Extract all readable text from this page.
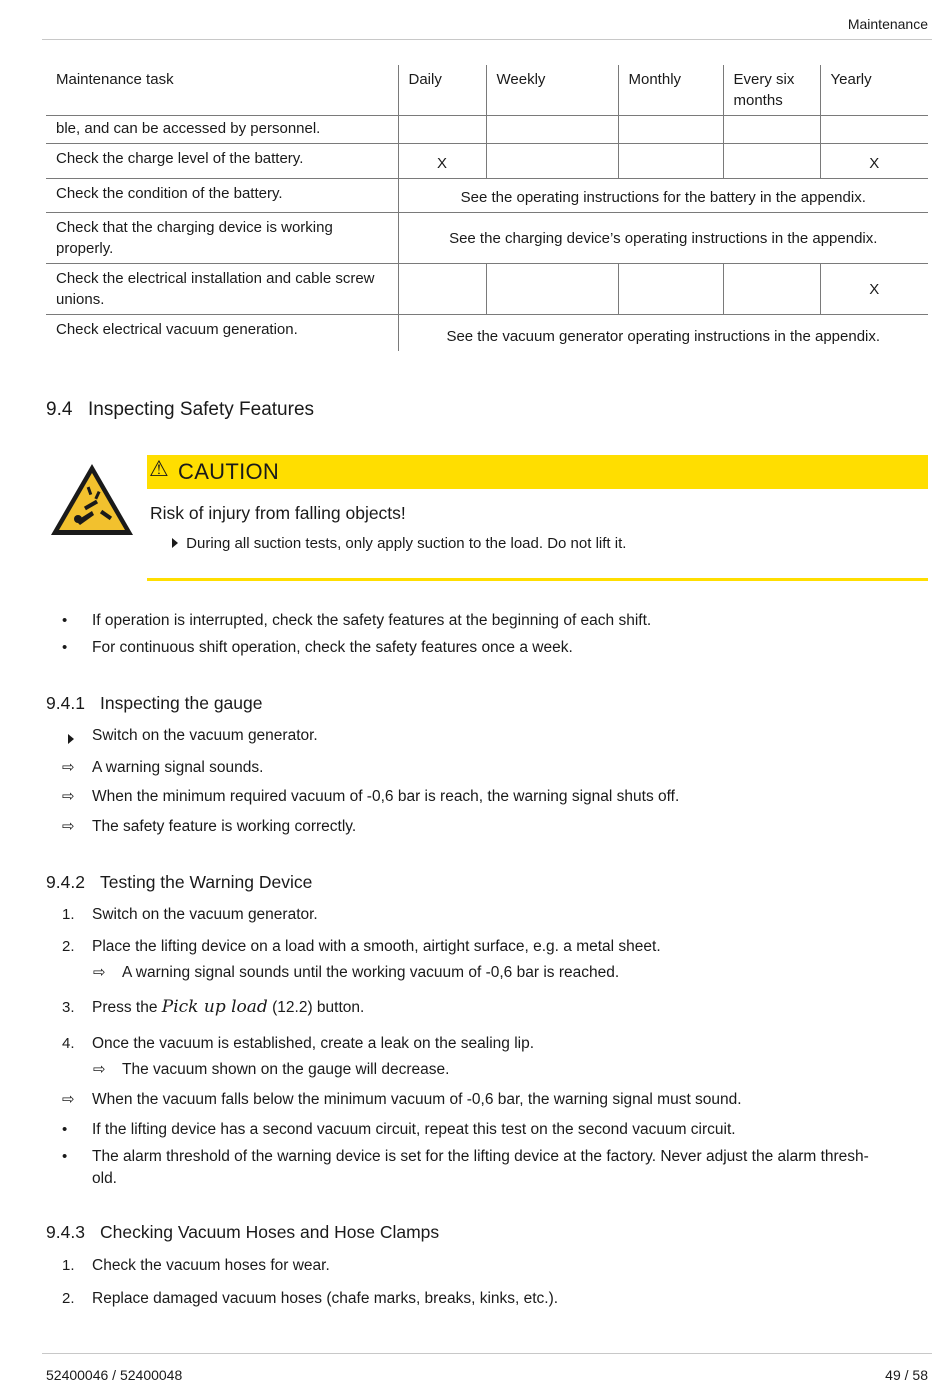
Maintenance
Maintenance task	Daily	Weekly	Monthly	Every six months	Yearly
ble, and can be accessed by personnel.					
Check the charge level of the battery.	X				X
Check the condition of the battery.	See the operating instructions for the battery in the appendix.				
Check that the charging device is working properly.	See the charging device’s operating instructions in the appendix.				
Check the electrical installation and cable screw unions.					X
Check electrical vacuum generation.	See the vacuum generator operating instructions in the appendix.				
9.4 Inspecting Safety Features
⚠ CAUTION
Risk of injury from falling objects!
During all suction tests, only apply suction to the load. Do not lift it.
• If operation is interrupted, check the safety features at the beginning of each shift.
• For continuous shift operation, check the safety features once a week.
9.4.1 Inspecting the gauge
Switch on the vacuum generator.
⇨ A warning signal sounds.
⇨ When the minimum required vacuum of -0,6 bar is reach, the warning signal shuts off.
⇨ The safety feature is working correctly.
9.4.2 Testing the Warning Device
1. Switch on the vacuum generator.
2. Place the lifting device on a load with a smooth, airtight surface, e.g. a metal sheet.
⇨ A warning signal sounds until the working vacuum of -0,6 bar is reached.
3. Press the Pick up load (12.2) button.
4. Once the vacuum is established, create a leak on the sealing lip.
⇨ The vacuum shown on the gauge will decrease.
⇨ When the vacuum falls below the minimum vacuum of -0,6 bar, the warning signal must sound.
• If the lifting device has a second vacuum circuit, repeat this test on the second vacuum circuit.
• The alarm threshold of the warning device is set for the lifting device at the factory. Never adjust the alarm thresh-
old.
9.4.3 Checking Vacuum Hoses and Hose Clamps
1. Check the vacuum hoses for wear.
2. Replace damaged vacuum hoses (chafe marks, breaks, kinks, etc.).
52400046 / 52400048	49 / 58
